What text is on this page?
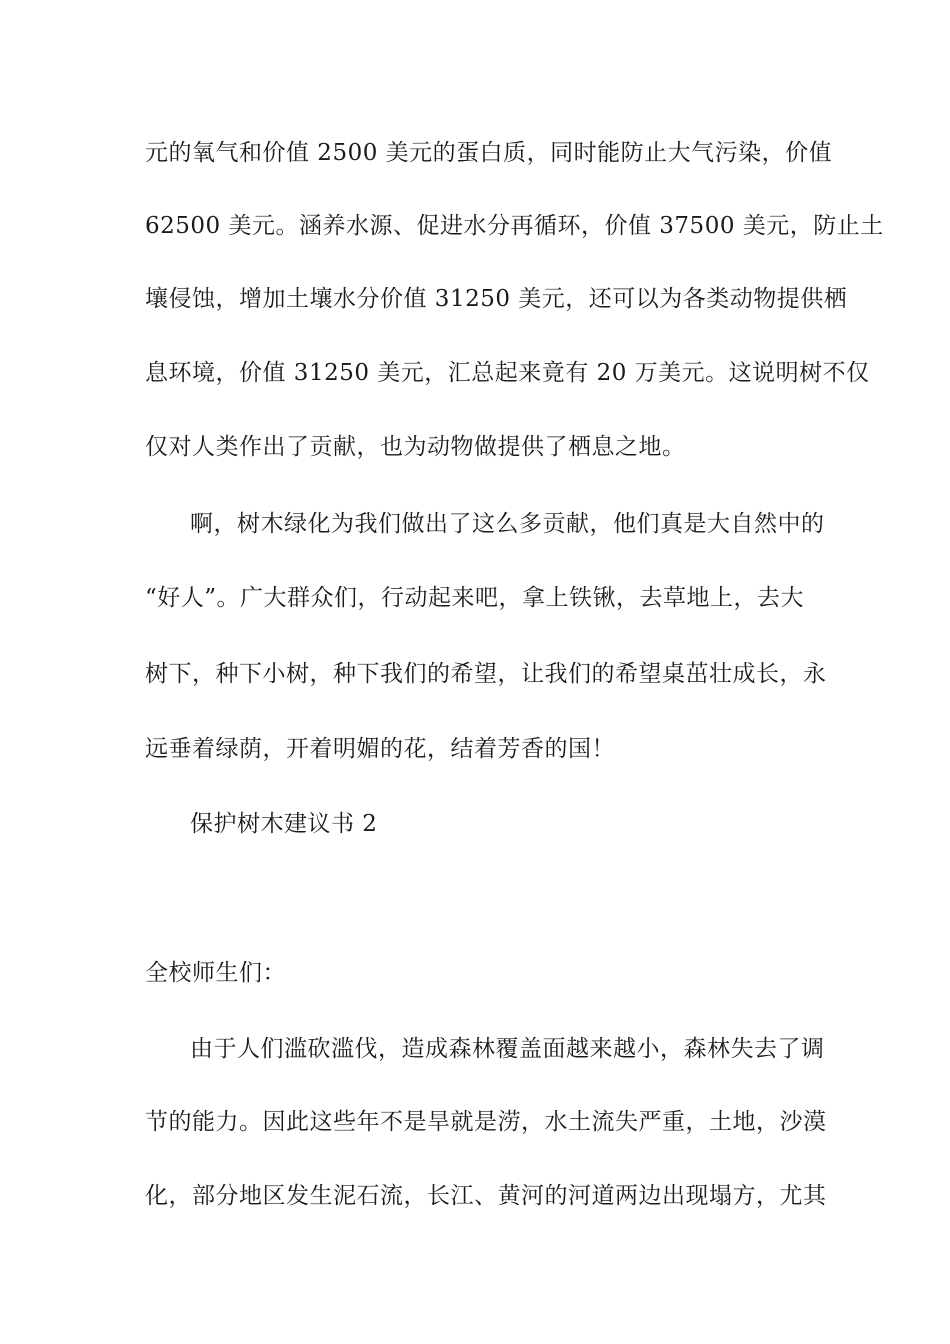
元的氧气和价值 2500 美元的蛋白质，同时能防止大气污染，价值
62500 美元。涵养水源、促进水分再循环，价值 37500 美元，防止土
壤侵蚀，增加土壤水分价值 31250 美元，还可以为各类动物提供栖
息环境，价值 31250 美元，汇总起来竟有 20 万美元。这说明树不仅
仅对人类作出了贡献，也为动物做提供了栖息之地。
啊，树木绿化为我们做出了这么多贡献，他们真是大自然中的
“好人”。广大群众们，行动起来吧，拿上铁锹，去草地上，去大
树下，种下小树，种下我们的希望，让我们的希望桌茁壮成长，永
远垂着绿荫，开着明媚的花，结着芳香的国！
保护树木建议书 2
全校师生们：
由于人们滥砍滥伐，造成森林覆盖面越来越小，森林失去了调
节的能力。因此这些年不是旱就是涝，水土流失严重，土地，沙漠
化，部分地区发生泥石流，长江、黄河的河道两边出现塌方，尤其
